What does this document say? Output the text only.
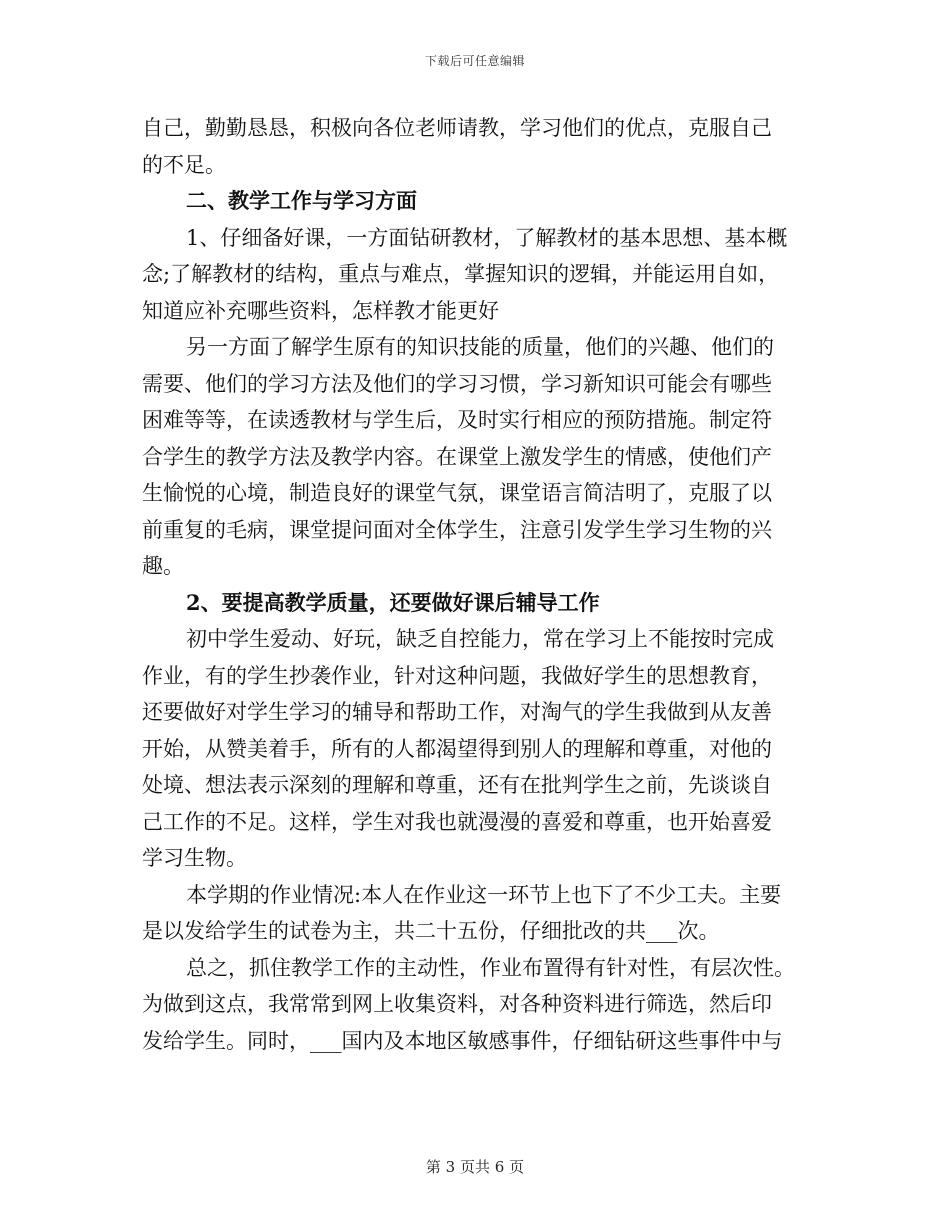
下载后可任意编辑
自己，勤勤恳恳，积极向各位老师请教，学习他们的优点，克服自己
的不足。
二、教学工作与学习方面
1、仔细备好课，一方面钻研教材，了解教材的基本思想、基本概
念;了解教材的结构，重点与难点，掌握知识的逻辑，并能运用自如，
知道应补充哪些资料，怎样教才能更好
另一方面了解学生原有的知识技能的质量，他们的兴趣、他们的
需要、他们的学习方法及他们的学习习惯，学习新知识可能会有哪些
困难等等，在读透教材与学生后，及时实行相应的预防措施。制定符
合学生的教学方法及教学内容。在课堂上激发学生的情感，使他们产
生愉悦的心境，制造良好的课堂气氛，课堂语言简洁明了，克服了以
前重复的毛病，课堂提问面对全体学生，注意引发学生学习生物的兴
趣。
2、要提高教学质量，还要做好课后辅导工作
初中学生爱动、好玩，缺乏自控能力，常在学习上不能按时完成
作业，有的学生抄袭作业，针对这种问题，我做好学生的思想教育，
还要做好对学生学习的辅导和帮助工作，对淘气的学生我做到从友善
开始，从赞美着手，所有的人都渴望得到别人的理解和尊重，对他的
处境、想法表示深刻的理解和尊重，还有在批判学生之前，先谈谈自
己工作的不足。这样，学生对我也就漫漫的喜爱和尊重，也开始喜爱
学习生物。
本学期的作业情况:本人在作业这一环节上也下了不少工夫。主要
是以发给学生的试卷为主，共二十五份，仔细批改的共___次。
总之，抓住教学工作的主动性，作业布置得有针对性，有层次性。
为做到这点，我常常到网上收集资料，对各种资料进行筛选，然后印
发给学生。同时，___国内及本地区敏感事件，仔细钻研这些事件中与
第 3 页共 6 页
